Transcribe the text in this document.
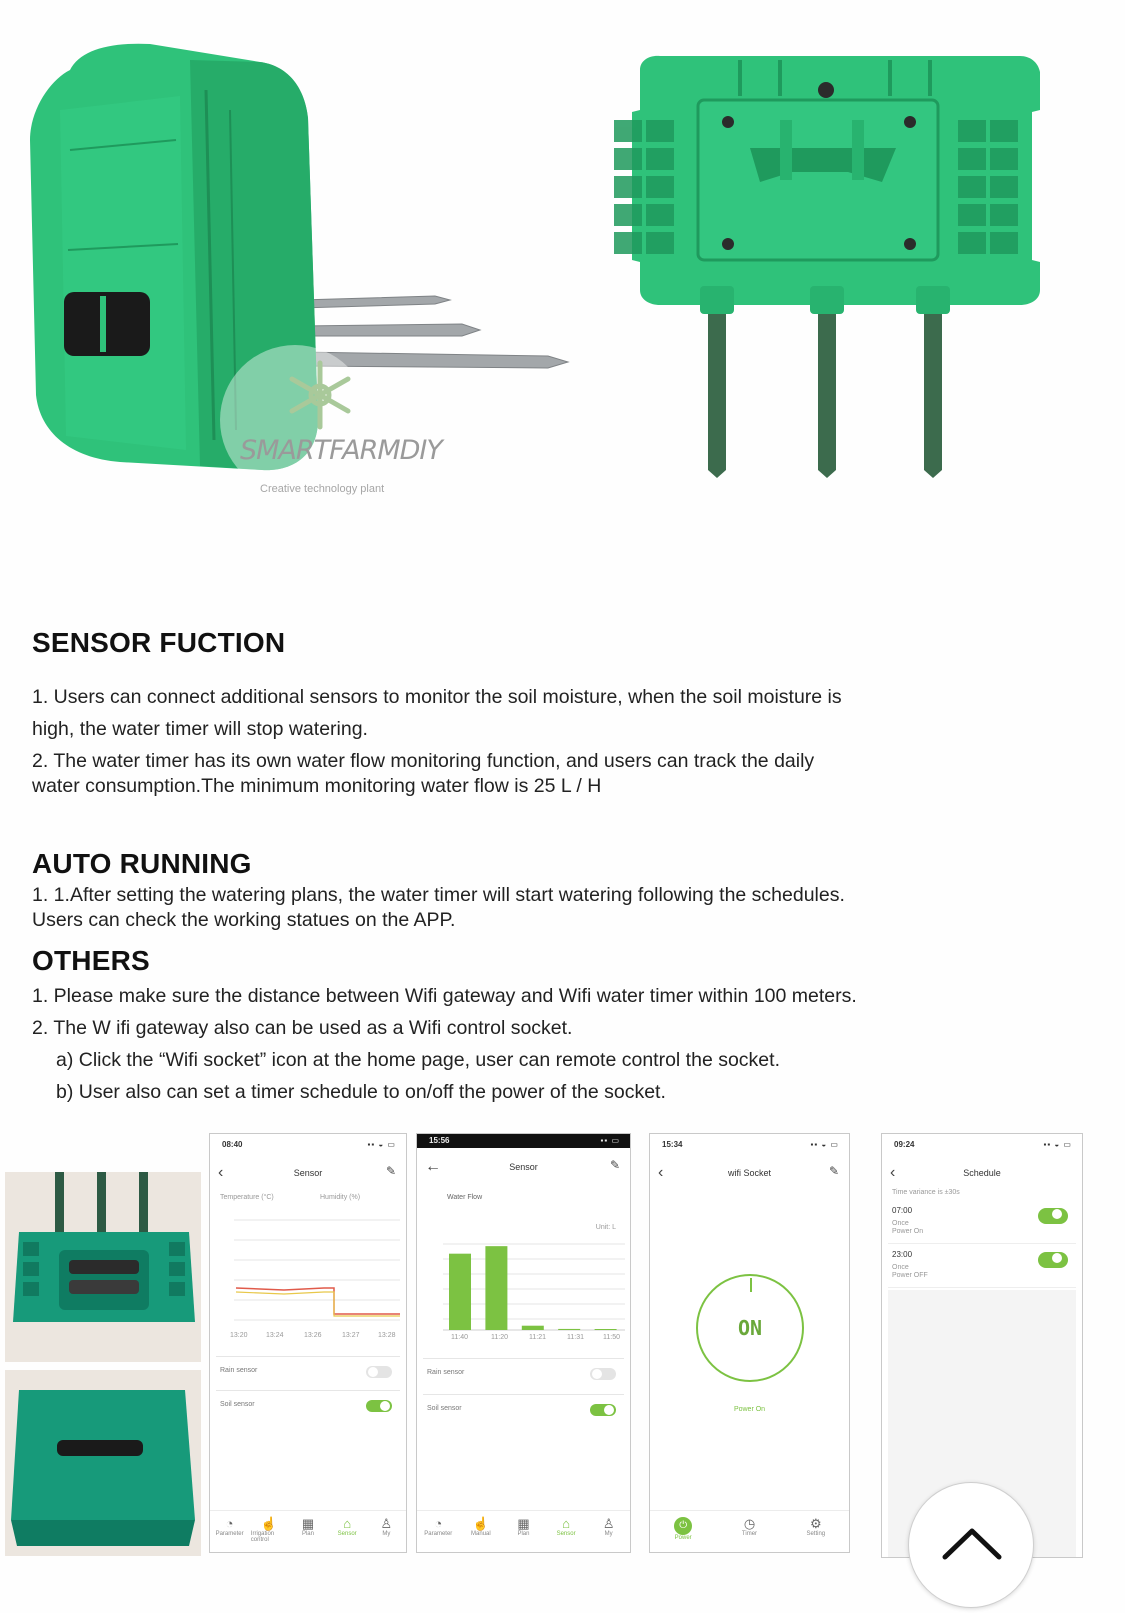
SMARTFARMDIY
Creative technology plant
SENSOR FUCTION
1. Users can connect additional sensors to monitor the soil moisture, when the soil moisture is
high, the water timer will stop watering.
2. The water timer has its own water flow monitoring function, and users can track the daily
water consumption.The minimum monitoring water flow is 25 L / H
AUTO RUNNING
1. 1.After setting the watering plans, the water timer will start watering following the schedules.
Users can check the working statues on the APP.
OTHERS
1. Please make sure the distance between Wifi gateway and Wifi water timer within 100 meters.
2. The W ifi gateway also can be used as a Wifi control socket.
a) Click the “Wifi socket” icon at the home page, user can remote control the socket.
b) User also can set a timer schedule to on/off the power of the socket.
08:40	▪▪ ◒ ▭
‹	Sensor	✎
Temperature (°C)	Humidity (%)
13:20	13:24	13:26	13:27	13:28
Rain sensor
Soil sensor
◔
Parameter
☝
Irrigation control
▦
Plan
⌂
Sensor
♙
My
15:56	▪▪ ▭
←	Sensor	✎
Water Flow
Unit: L
11:40	11:20	11:21	11:31	11:50
Rain sensor
Soil sensor
◔
Parameter
☝
Manual
▦
Plan
⌂
Sensor
♙
My
15:34	▪▪ ◒ ▭
‹	wifi Socket	✎
ON
Power On
⏻
Power
◷
Timer
⚙
Setting
09:24	▪▪ ◒ ▭
‹	Schedule
Time variance is ±30s
07:00
Once
Power On
23:00
Once
Power OFF
